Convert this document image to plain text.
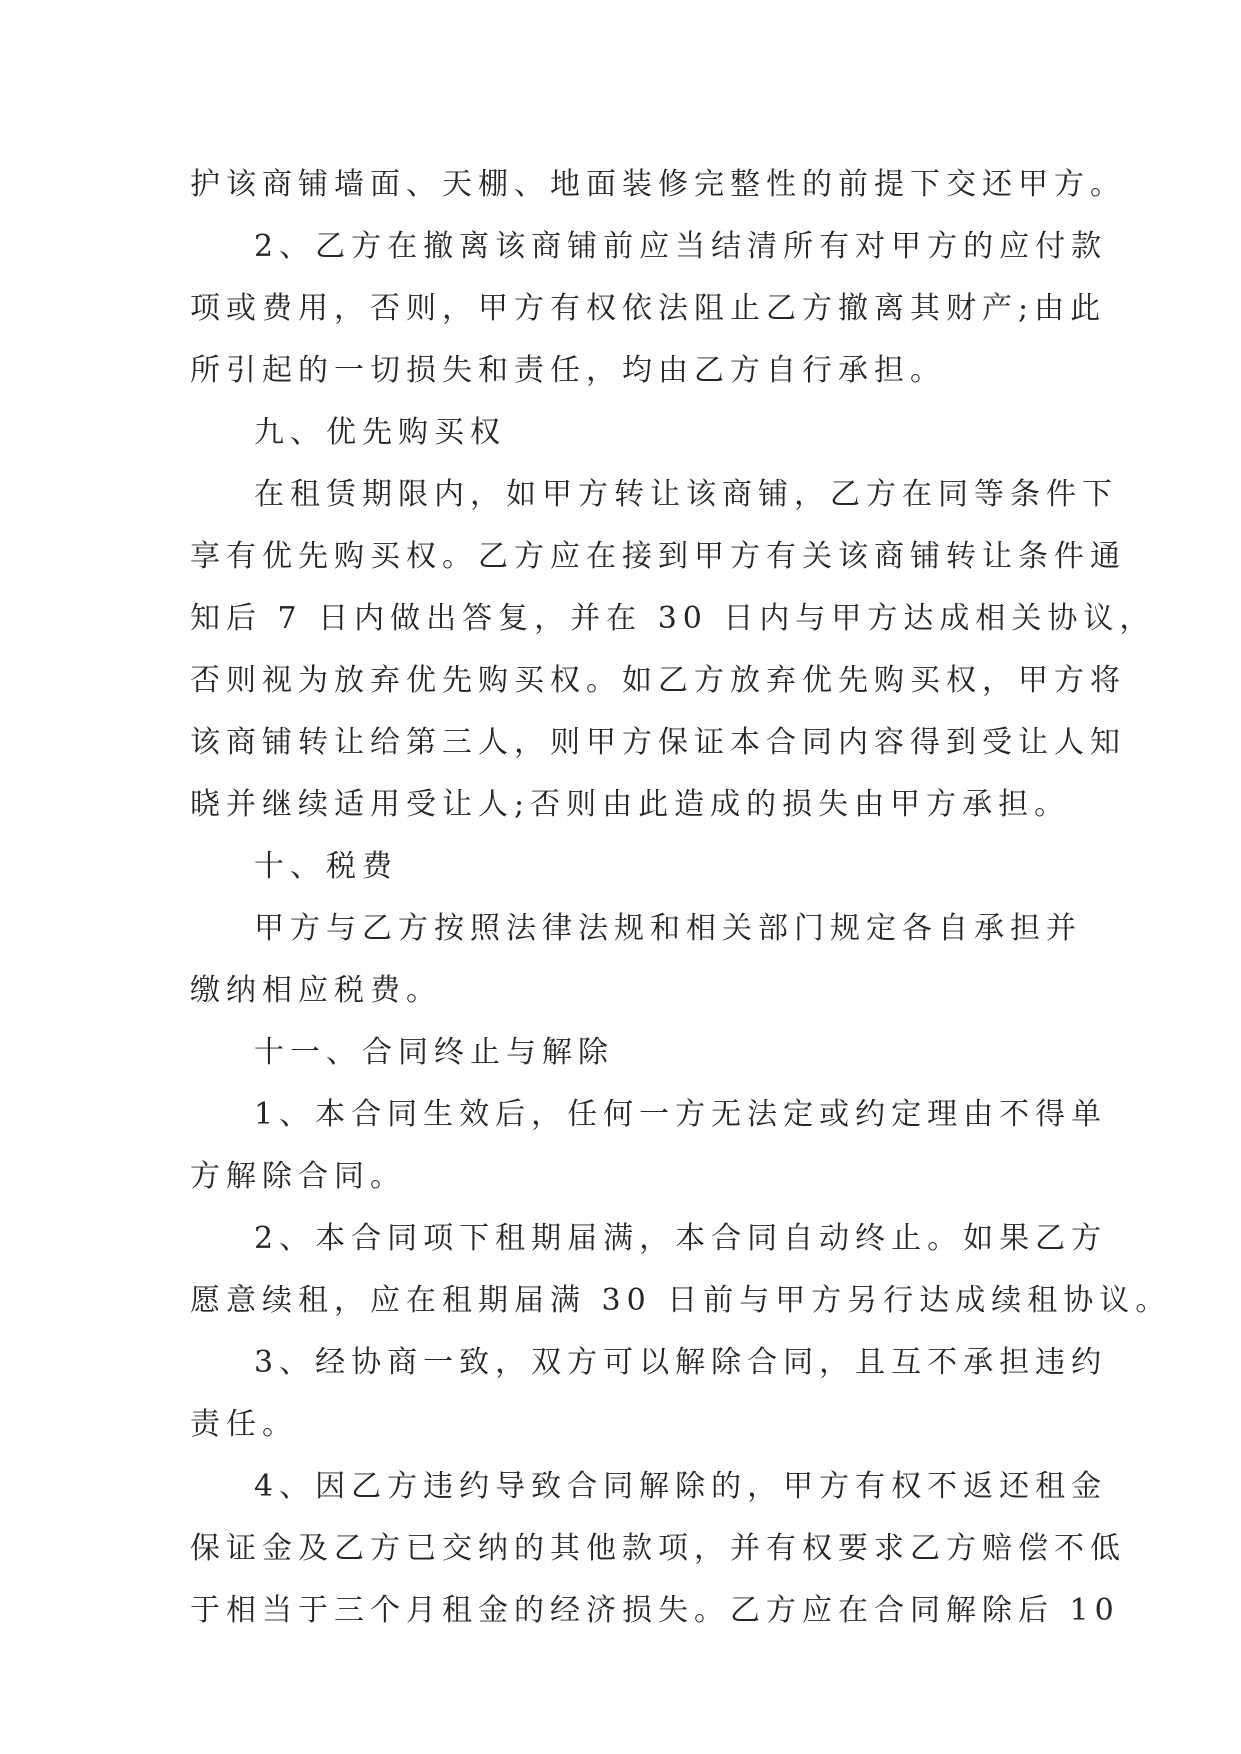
护该商铺墙面、天棚、地面装修完整性的前提下交还甲方。
2、乙方在撤离该商铺前应当结清所有对甲方的应付款
项或费用，否则，甲方有权依法阻止乙方撤离其财产;由此
所引起的一切损失和责任，均由乙方自行承担。
九、优先购买权
在租赁期限内，如甲方转让该商铺，乙方在同等条件下
享有优先购买权。乙方应在接到甲方有关该商铺转让条件通
知后 7 日内做出答复，并在 30 日内与甲方达成相关协议，
否则视为放弃优先购买权。如乙方放弃优先购买权，甲方将
该商铺转让给第三人，则甲方保证本合同内容得到受让人知
晓并继续适用受让人;否则由此造成的损失由甲方承担。
十、税费
甲方与乙方按照法律法规和相关部门规定各自承担并
缴纳相应税费。
十一、合同终止与解除
1、本合同生效后，任何一方无法定或约定理由不得单
方解除合同。
2、本合同项下租期届满，本合同自动终止。如果乙方
愿意续租，应在租期届满 30 日前与甲方另行达成续租协议。
3、经协商一致，双方可以解除合同，且互不承担违约
责任。
4、因乙方违约导致合同解除的，甲方有权不返还租金
保证金及乙方已交纳的其他款项，并有权要求乙方赔偿不低
于相当于三个月租金的经济损失。乙方应在合同解除后 10
